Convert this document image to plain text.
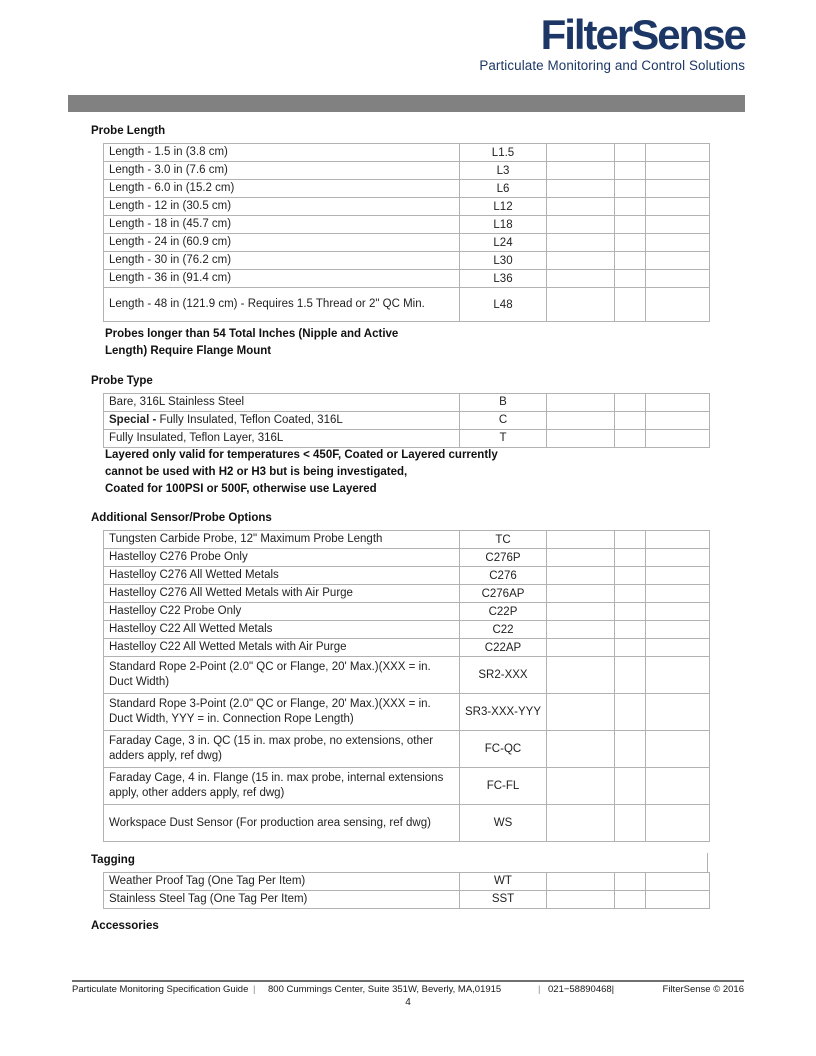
FilterSense
Particulate Monitoring and Control Solutions
Probe Length
Length - 1.5 in (3.8 cm)	L1.5			
Length - 3.0 in (7.6 cm)	L3			
Length - 6.0 in (15.2 cm)	L6			
Length - 12 in (30.5 cm)	L12			
Length - 18 in (45.7 cm)	L18			
Length - 24 in (60.9 cm)	L24			
Length - 30 in (76.2 cm)	L30			
Length - 36 in (91.4 cm)	L36			
Length - 48 in (121.9 cm) - Requires 1.5 Thread or 2" QC Min.	L48			
Probes longer than 54 Total Inches (Nipple and Active
Length) Require Flange Mount
Probe Type
Bare, 316L Stainless Steel	B			
Special - Fully Insulated, Teflon Coated, 316L	C			
Fully Insulated, Teflon Layer, 316L	T			
Layered only valid for temperatures < 450F, Coated or Layered currently
cannot be used with H2 or H3 but is being investigated,
Coated for 100PSI or 500F, otherwise use Layered
Additional Sensor/Probe Options
Tungsten Carbide Probe, 12" Maximum Probe Length	TC			
Hastelloy C276 Probe Only	C276P			
Hastelloy C276 All Wetted Metals	C276			
Hastelloy C276 All Wetted Metals with Air Purge	C276AP			
Hastelloy C22 Probe Only	C22P			
Hastelloy C22 All Wetted Metals	C22			
Hastelloy C22 All Wetted Metals with Air Purge	C22AP			
Standard Rope 2-Point (2.0" QC or Flange, 20' Max.)(XXX = in. Duct Width)	SR2-XXX			
Standard Rope 3-Point (2.0" QC or Flange, 20' Max.)(XXX = in. Duct Width, YYY = in. Connection Rope Length)	SR3-XXX-YYY			
Faraday Cage, 3 in. QC (15 in. max probe, no extensions, other adders apply, ref dwg)	FC-QC			
Faraday Cage, 4 in. Flange (15 in. max probe, internal extensions apply, other adders apply, ref dwg)	FC-FL			
Workspace Dust Sensor (For production area sensing, ref dwg)	WS			
Tagging
Weather Proof Tag (One Tag Per Item)	WT			
Stainless Steel Tag (One Tag Per Item)	SST			
Accessories
Particulate Monitoring Specification Guide | 800 Cummings Center, Suite 351W, Beverly, MA,01915	| 021−58890468|	FilterSense © 2016
4
